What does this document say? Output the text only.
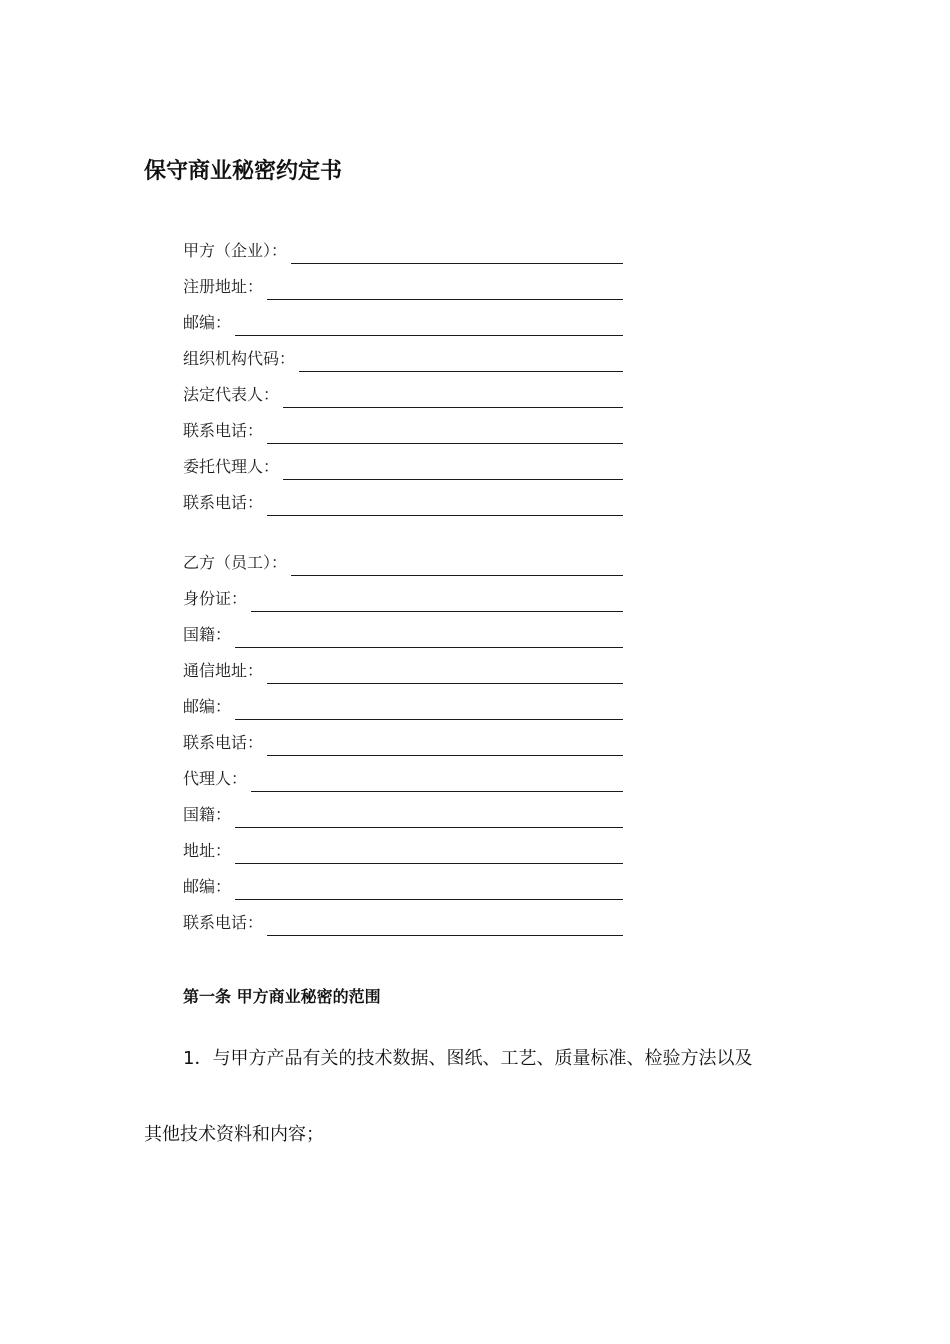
保守商业秘密约定书
甲方（企业）：
注册地址：
邮编：
组织机构代码：
法定代表人：
联系电话：
委托代理人：
联系电话：
乙方（员工）：
身份证：
国籍：
通信地址：
邮编：
联系电话：
代理人：
国籍：
地址：
邮编：
联系电话：
第一条 甲方商业秘密的范围
1．与甲方产品有关的技术数据、图纸、工艺、质量标准、检验方法以及
其他技术资料和内容；
